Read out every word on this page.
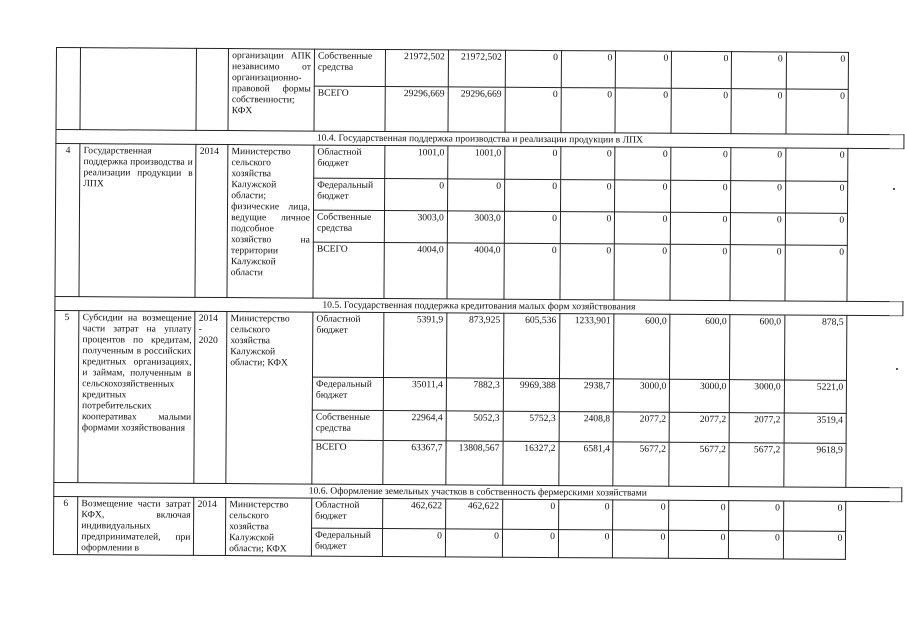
			организации АПК независимо от организационно-правовой формы собственности; КФХ	Собственные средства	21972,502	21972,502	0	0	0	0	0	0
				ВСЕГО	29296,669	29296,669	0	0	0	0	0	0
10.4. Государственная поддержка производства и реализации продукции в ЛПХ												
4	Государственная поддержка производства и реализации продукции в ЛПХ	2014	Министерство сельского хозяйства Калужской области; физические лица, ведущие личное подсобное хозяйство на территории Калужской области	Областной бюджет	1001,0	1001,0	0	0	0	0	0	0
				Федеральный бюджет	0	0	0	0	0	0	0	0
				Собственные средства	3003,0	3003,0	0	0	0	0	0	0
				ВСЕГО	4004,0	4004,0	0	0	0	0	0	0
10.5. Государственная поддержка кредитования малых форм хозяйствования												
5	Субсидии на возмещение части затрат на уплату процентов по кредитам, полученным в российских кредитных организациях, и займам, полученным в сельскохозяйственных кредитных потребительских кооперативах малыми формами хозяйствования	2014 - 2020	Министерство сельского хозяйства Калужской области; КФХ	Областной бюджет	5391,9	873,925	605,536	1233,901	600,0	600,0	600,0	878,5
				Федеральный бюджет	35011,4	7882,3	9969,388	2938,7	3000,0	3000,0	3000,0	5221,0
				Собственные средства	22964,4	5052,3	5752,3	2408,8	2077,2	2077,2	2077,2	3519,4
				ВСЕГО	63367,7	13808,567	16327,2	6581,4	5677,2	5677,2	5677,2	9618,9
10.6. Оформление земельных участков в собственность фермерскими хозяйствами												
6	Возмещение части затрат КФХ, включая индивидуальных предпринимателей, при оформлении в	2014	Министерство сельского хозяйства Калужской области; КФХ	Областной бюджет	462,622	462,622	0	0	0	0	0	0
				Федеральный бюджет	0	0	0	0	0	0	0	0
